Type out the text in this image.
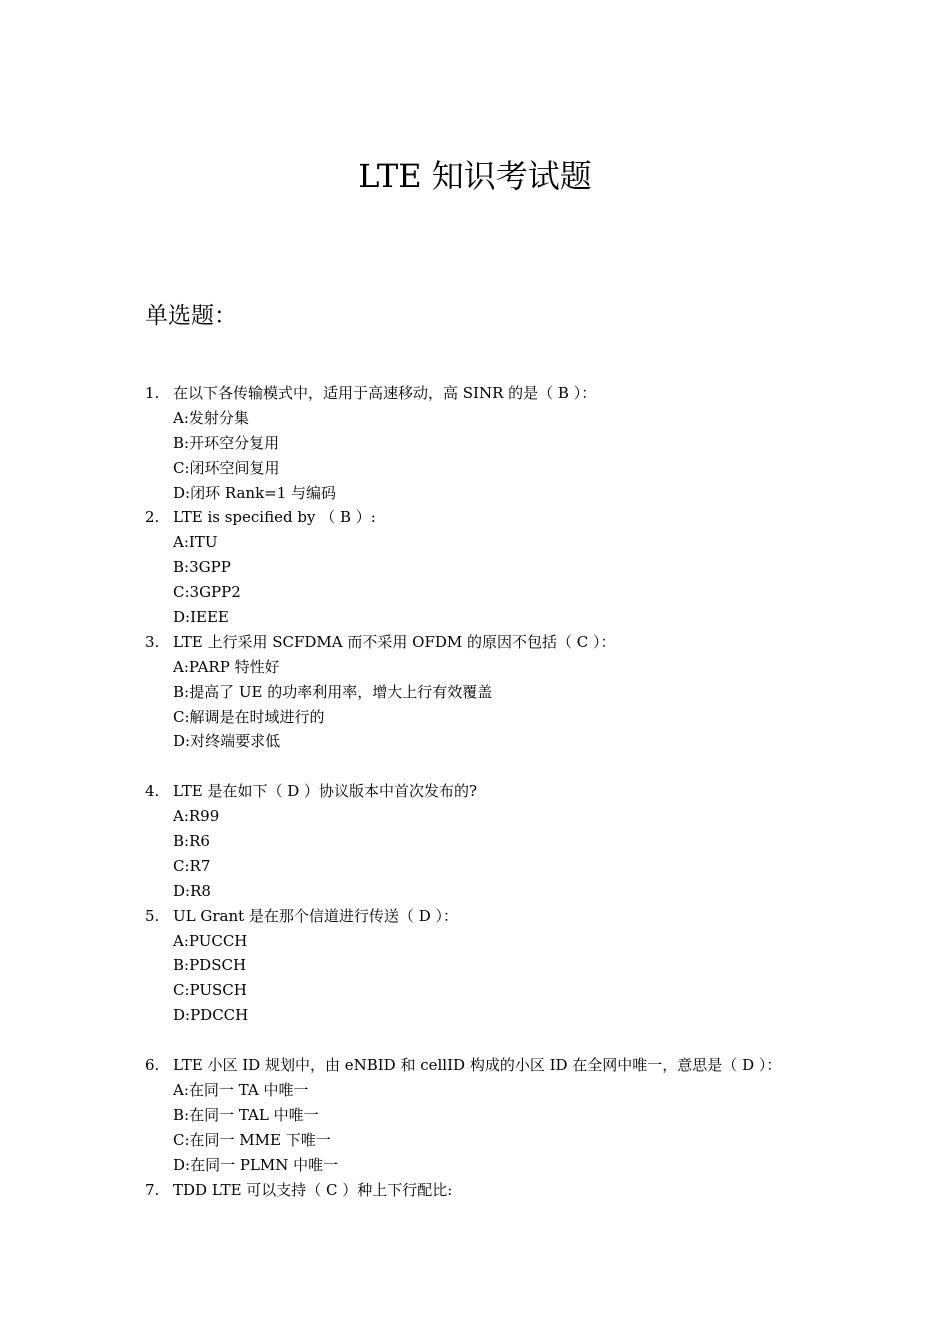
LTE 知识考试题
单选题：
1. 在以下各传输模式中，适用于高速移动，高 SINR 的是（ B ）：
A:发射分集
B:开环空分复用
C:闭环空间复用
D:闭环 Rank=1 与编码
2. LTE is specified by （ B ）:
A:ITU
B:3GPP
C:3GPP2
D:IEEE
3. LTE 上行采用 SCFDMA 而不采用 OFDM 的原因不包括（ C ）：
A:PARP 特性好
B:提高了 UE 的功率利用率，增大上行有效覆盖
C:解调是在时域进行的
D:对终端要求低
4. LTE 是在如下（ D ）协议版本中首次发布的?
A:R99
B:R6
C:R7
D:R8
5. UL Grant 是在那个信道进行传送（ D ）：
A:PUCCH
B:PDSCH
C:PUSCH
D:PDCCH
6. LTE 小区 ID 规划中，由 eNBID 和 cellID 构成的小区 ID 在全网中唯一，意思是（ D ）：
A:在同一 TA 中唯一
B:在同一 TAL 中唯一
C:在同一 MME 下唯一
D:在同一 PLMN 中唯一
7. TDD LTE 可以支持（ C ）种上下行配比:
